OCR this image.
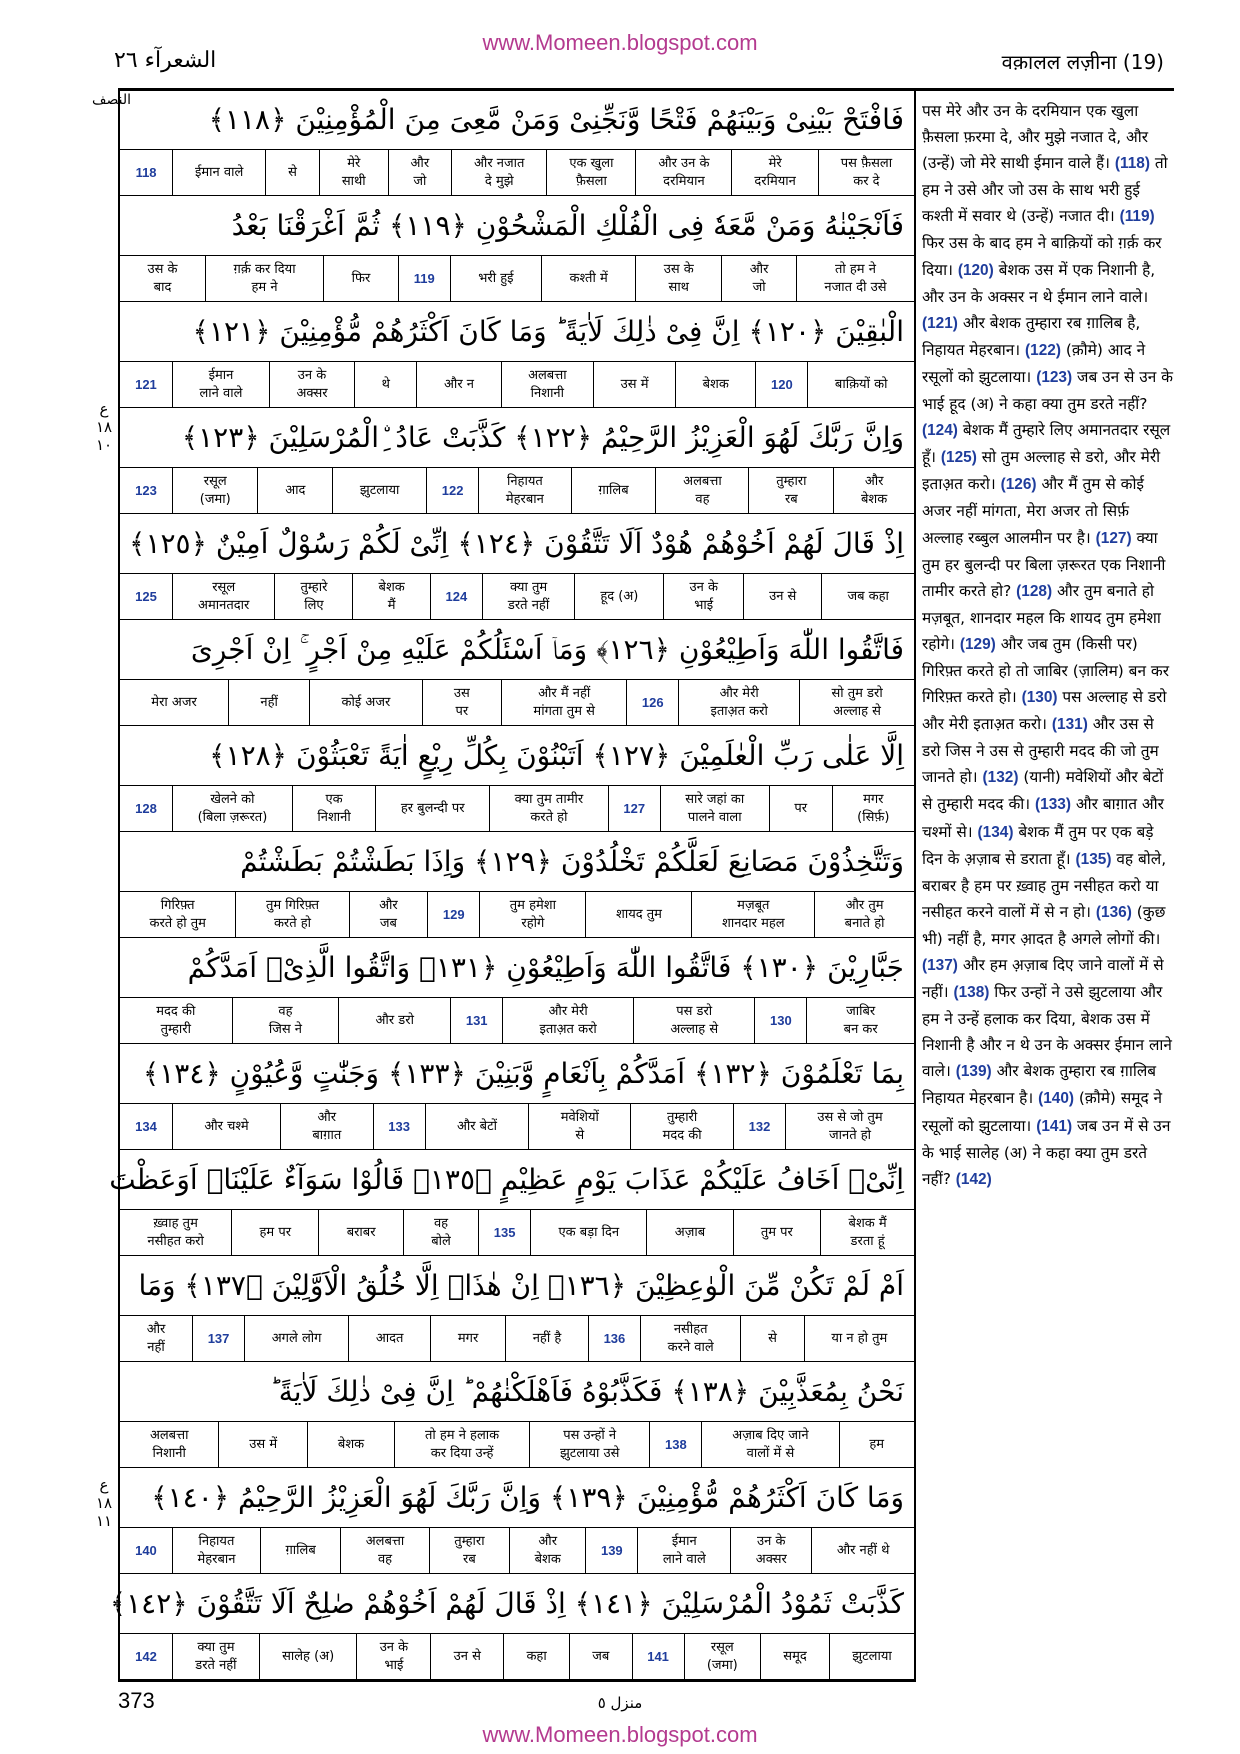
www.Momeen.blogspot.com
الشعرآء ٢٦	वक़ालल लज़ीना (19)
النصف
ع ١٨ ١٠
ع ١٨ ١١
فَافْتَحْ بَيْنِىْ وَبَيْنَهُمْ فَتْحًا وَّنَجِّنِىْ وَمَنْ مَّعِىَ مِنَ الْمُؤْمِنِيْنَ ﴿١١٨﴾
पस फ़ैसला
कर दे
मेरे
दरमियान
और उन के
दरमियान
एक खुला
फ़ैसला
और नजात
दे मुझे
और
जो
मेरे
साथी
से
ईमान वाले
118
فَاَنْجَيْنٰهُ وَمَنْ مَّعَهٗ فِى الْفُلْكِ الْمَشْحُوْنِ ﴿١١٩﴾ ثُمَّ اَغْرَقْنَا بَعْدُ
तो हम ने
नजात दी उसे
और
जो
उस के
साथ
कश्ती में
भरी हुई
119
फिर
ग़र्क़ कर दिया
हम ने
उस के
बाद
الْبٰقِيْنَ ﴿١٢٠﴾ اِنَّ فِىْ ذٰلِكَ لَاٰيَةً ؕ وَمَا كَانَ اَكْثَرُهُمْ مُّؤْمِنِيْنَ ﴿١٢١﴾
बाक़ियों को
120
बेशक
उस में
अलबत्ता
निशानी
और न
थे
उन के
अक्सर
ईमान
लाने वाले
121
وَاِنَّ رَبَّكَ لَهُوَ الْعَزِيْزُ الرَّحِيْمُ ﴿١٢٢﴾ كَذَّبَتْ عَادُ ِۨالْمُرْسَلِيْنَ ﴿١٢٣﴾
और
बेशक
तुम्हारा
रब
अलबत्ता
वह
ग़ालिब
निहायत
मेहरबान
122
झुटलाया
आद
रसूल
(जमा)
123
اِذْ قَالَ لَهُمْ اَخُوْهُمْ هُوْدٌ اَلَا تَتَّقُوْنَ ﴿١٢٤﴾ اِنِّىْ لَكُمْ رَسُوْلٌ اَمِيْنٌ ﴿١٢٥﴾
जब कहा
उन से
उन के
भाई
हूद (अ)
क्या तुम
डरते नहीं
124
बेशक
मैं
तुम्हारे
लिए
रसूल
अमानतदार
125
فَاتَّقُوا اللّٰهَ وَاَطِيْعُوْنِ ﴿١٢٦﴾ وَمَاۤ اَسْئَلُكُمْ عَلَيْهِ مِنْ اَجْرٍ ۚ اِنْ اَجْرِىَ
सो तुम डरो
अल्लाह से
और मेरी
इताअ़त करो
126
और मैं नहीं
मांगता तुम से
उस
पर
कोई अजर
नहीं
मेरा अजर
اِلَّا عَلٰى رَبِّ الْعٰلَمِيْنَ ﴿١٢٧﴾ اَتَبْنُوْنَ بِكُلِّ رِيْعٍ اٰيَةً تَعْبَثُوْنَ ﴿١٢٨﴾
मगर
(सिर्फ़)
पर
सारे जहां का
पालने वाला
127
क्या तुम तामीर
करते हो
हर बुलन्दी पर
एक
निशानी
खेलने को
(बिला ज़रूरत)
128
وَتَتَّخِذُوْنَ مَصَانِعَ لَعَلَّكُمْ تَخْلُدُوْنَ ﴿١٢٩﴾ وَاِذَا بَطَشْتُمْ بَطَشْتُمْ
और तुम
बनाते हो
मज़बूत
शानदार महल
शायद तुम
तुम हमेशा
रहोगे
129
और
जब
तुम गिरिफ़्त
करते हो
गिरिफ़्त
करते हो तुम
جَبَّارِيْنَ ﴿١٣٠﴾ فَاتَّقُوا اللّٰهَ وَاَطِيْعُوْنِ ﴿١٣١﴾ وَاتَّقُوا الَّذِىْۤ اَمَدَّكُمْ
जाबिर
बन कर
130
पस डरो
अल्लाह से
और मेरी
इताअ़त करो
131
और डरो
वह
जिस ने
मदद की
तुम्हारी
بِمَا تَعْلَمُوْنَ ﴿١٣٢﴾ اَمَدَّكُمْ بِاَنْعَامٍ وَّبَنِيْنَ ﴿١٣٣﴾ وَجَنّٰتٍ وَّعُيُوْنٍ ﴿١٣٤﴾
उस से जो तुम
जानते हो
132
तुम्हारी
मदद की
मवेशियों
से
और बेटों
133
और
बाग़ात
और चश्मे
134
اِنِّىْۤ اَخَافُ عَلَيْكُمْ عَذَابَ يَوْمٍ عَظِيْمٍ ﴿١٣٥﴾ قَالُوْا سَوَآءٌ عَلَيْنَاۤ اَوَعَظْتَ
बेशक मैं
डरता हूं
तुम पर
अज़ाब
एक बड़ा दिन
135
वह
बोले
बराबर
हम पर
ख़्वाह तुम
नसीहत करो
اَمْ لَمْ تَكُنْ مِّنَ الْوٰعِظِيْنَ ﴿١٣٦﴾ اِنْ هٰذَاۤ اِلَّا خُلُقُ الْاَوَّلِيْنَ ﴿١٣٧﴾ وَمَا
या न हो तुम
से
नसीहत
करने वाले
136
नहीं है
मगर
आदत
अगले लोग
137
और
नहीं
نَحْنُ بِمُعَذَّبِيْنَ ﴿١٣٨﴾ فَكَذَّبُوْهُ فَاَهْلَكْنٰهُمْ ؕ اِنَّ فِىْ ذٰلِكَ لَاٰيَةً ؕ
हम
अज़ाब दिए जाने
वालों में से
138
पस उन्हों ने
झुटलाया उसे
तो हम ने हलाक
कर दिया उन्हें
बेशक
उस में
अलबत्ता
निशानी
وَمَا كَانَ اَكْثَرُهُمْ مُّؤْمِنِيْنَ ﴿١٣٩﴾ وَاِنَّ رَبَّكَ لَهُوَ الْعَزِيْزُ الرَّحِيْمُ ﴿١٤٠﴾
और नहीं थे
उन के
अक्सर
ईमान
लाने वाले
139
और
बेशक
तुम्हारा
रब
अलबत्ता
वह
ग़ालिब
निहायत
मेहरबान
140
كَذَّبَتْ ثَمُوْدُ الْمُرْسَلِيْنَ ﴿١٤١﴾ اِذْ قَالَ لَهُمْ اَخُوْهُمْ صٰلِحٌ اَلَا تَتَّقُوْنَ ﴿١٤٢﴾
झुटलाया
समूद
रसूल
(जमा)
141
जब
कहा
उन से
उन के
भाई
सालेह (अ)
क्या तुम
डरते नहीं
142
पस मेरे और उन के दरमियान एक खुला फ़ैसला फ़रमा दे, और मुझे नजात दे, और (उन्हें) जो मेरे साथी ईमान वाले हैं। (118) तो हम ने उसे और जो उस के साथ भरी हुई कश्ती में सवार थे (उन्हें) नजात दी। (119) फिर उस के बाद हम ने बाक़ियों को ग़र्क़ कर दिया। (120) बेशक उस में एक निशानी है, और उन के अक्सर न थे ईमान लाने वाले। (121) और बेशक तुम्हारा रब ग़ालिब है, निहायत मेहरबान। (122) (क़ौमे) आद ने रसूलों को झुटलाया। (123) जब उन से उन के भाई हूद (अ) ने कहा क्या तुम डरते नहीं? (124) बेशक मैं तुम्हारे लिए अमानतदार रसूल हूँ। (125) सो तुम अल्लाह से डरो, और मेरी इताअ़त करो। (126) और मैं तुम से कोई अजर नहीं मांगता, मेरा अजर तो सिर्फ़ अल्लाह रब्बुल आलमीन पर है। (127) क्या तुम हर बुलन्दी पर बिला ज़रूरत एक निशानी तामीर करते हो? (128) और तुम बनाते हो मज़बूत, शानदार महल कि शायद तुम हमेशा रहोगे। (129) और जब तुम (किसी पर) गिरिफ़्त करते हो तो जाबिर (ज़ालिम) बन कर गिरिफ़्त करते हो। (130) पस अल्लाह से डरो और मेरी इताअ़त करो। (131) और उस से डरो जिस ने उस से तुम्हारी मदद की जो तुम जानते हो। (132) (यानी) मवेशियों और बेटों से तुम्हारी मदद की। (133) और बाग़ात और चश्मों से। (134) बेशक मैं तुम पर एक बड़े दिन के अ़ज़ाब से डराता हूँ। (135) वह बोले, बराबर है हम पर ख़्वाह तुम नसीहत करो या नसीहत करने वालों में से न हो। (136) (कुछ भी) नहीं है, मगर आ़दत है अगले लोगों की। (137) और हम अ़ज़ाब दिए जाने वालों में से नहीं। (138) फिर उन्हों ने उसे झुटलाया और हम ने उन्हें हलाक कर दिया, बेशक उस में निशानी है और न थे उन के अक्सर ईमान लाने वाले। (139) और बेशक तुम्हारा रब ग़ालिब निहायत मेहरबान है। (140) (क़ौमे) समूद ने रसूलों को झुटलाया। (141) जब उन में से उन के भाई सालेह (अ) ने कहा क्या तुम डरते नहीं? (142)
373	منزل ٥
www.Momeen.blogspot.com
